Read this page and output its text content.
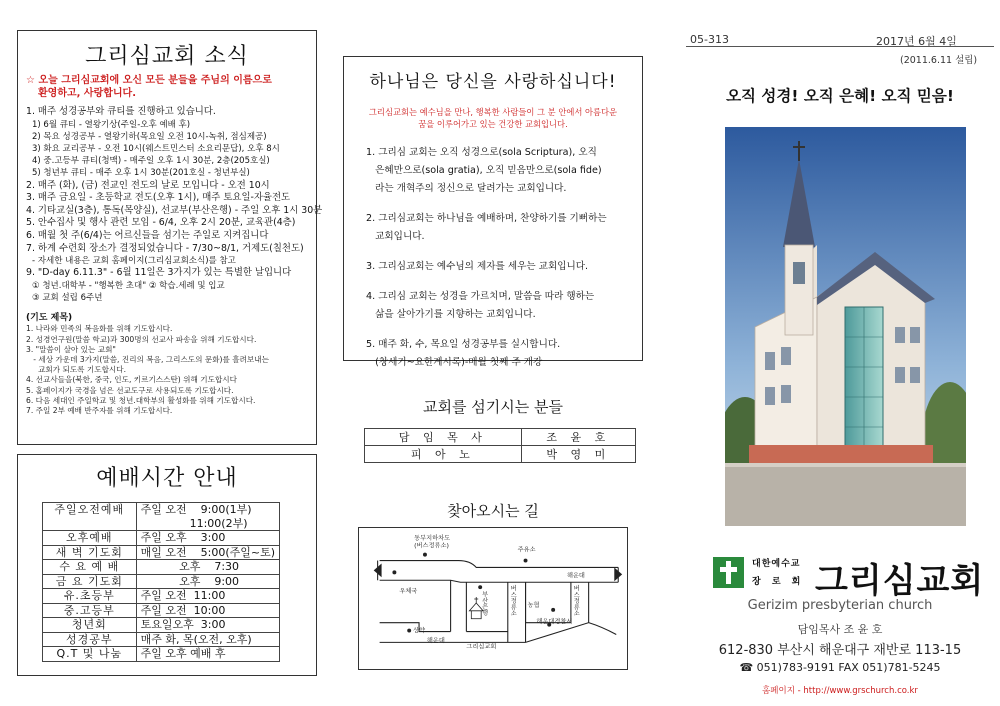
그리심교회 소식
☆ 오늘 그리심교회에 오신 모든 분들을 주님의 이름으로
환영하고, 사랑합니다.
1. 매주 성경공부와 큐티를 진행하고 있습니다.
1) 6월 큐티 - 열왕기상(주일-오후 예배 후)
2) 목요 성경공부 - 열왕기하(목요일 오전 10시-녹취, 점심제공)
3) 화요 교리공부 - 오전 10시(웨스트민스터 소요리문답), 오후 8시
4) 중.고등부 큐티(청맥) - 매주일 오후 1시 30분, 2층(205호실)
5) 청년부 큐티 - 매주 오후 1시 30분(201호실 - 청년부실)
2. 매주 (화), (금) 전교인 전도의 날로 모입니다 - 오전 10시
3. 매주 금요일 - 초등학교 전도(오후 1시), 매주 토요일-자율전도
4. 기타교실(3층), 통독(목양실), 선교부(부산은행) - 주일 오후 1시 30분
5. 안수집사 및 행사 관련 모임 - 6/4, 오후 2시 20분, 교육관(4층)
6. 매월 첫 주(6/4)는 어르신들을 섬기는 주일로 지켜집니다
7. 하계 수련회 장소가 결정되었습니다 - 7/30~8/1, 거제도(칠천도)
- 자세한 내용은 교회 홈페이지(그리심교회소식)를 참고
9. "D-day 6.11.3" - 6월 11일은 3가지가 있는 특별한 날입니다
① 청년.대학부 - "행복한 초대" ② 학습.세례 및 입교
③ 교회 설립 6주년
(기도 제목)
1. 나라와 민족의 복음화를 위해 기도합시다.
2. 성경연구원(말씀 학교)과 300명의 선교사 파송을 위해 기도합시다.
3. "말씀이 살아 있는 교회"
- 세상 가운데 3가지(말씀, 진리의 복음, 그리스도의 문화)를 흘려보내는
교회가 되도록 기도합시다.
4. 선교사들을(북한, 중국, 인도, 키르기스스탄) 위해 기도합시다
5. 홈페이지가 국경을 넘은 선교도구로 사용되도록 기도합시다.
6. 다음 세대인 주일학교 및 청년.대학부의 활성화를 위해 기도합시다.
7. 주일 2부 예배 반주자를 위해 기도합시다.
예배시간 안내
주일오전예배	주일 오전    9:00(1부)
11:00(2부)

오후예배	주일 오후    3:00

새 벽 기도회	매일 오전    5:00(주일~토)

수 요 예 배	오후    7:30

금 요 기도회	오후    9:00

유.초등부	주일 오전  11:00

중.고등부	주일 오전  10:00

청년회	토요일오후  3:00

성경공부	매주 화, 목(오전, 오후)

Q.T 및 나눔	주일 오후 예배 후
하나님은 당신을 사랑하십니다!
그리심교회는 예수님을 만나, 행복한 사람들이 그 분 안에서 아름다운
꿈을 이루어가고 있는 건강한 교회입니다.
1. 그리심 교회는 오직 성경으로(sola Scriptura), 오직
은혜만으로(sola gratia), 오직 믿음만으로(sola fide)
라는 개혁주의 정신으로 달려가는 교회입니다.
2. 그리심교회는 하나님을 예배하며, 찬양하기를 기뻐하는
교회입니다.
3. 그리심교회는 예수님의 제자를 세우는 교회입니다.
4. 그리심 교회는 성경을 가르치며, 말씀을 따라 행하는
삶을 살아가기를 지향하는 교회입니다.
5. 매주 화, 수, 목요일 성경공부를 실시합니다.
(창세기~요한계시록)-매월 첫째 주 개강
교회를 섬기시는 분들
담 임 목 사	조 윤 호
피 아 노	박 영 미
찾아오시는 길
동부지하차도
(버스정류소)
주유소
우체국
해운대
농협
그리심교회
상약
해운대
해운대경찰서
부산은행	버스정류소	버스정류소
05-313	2017년 6월 4일
(2011.6.11 설립)
오직 성경! 오직 은혜! 오직 믿음!
대한예수교
장 로 회 그리심교회
Gerizim presbyterian church
담임목사 조 윤 호
612-830 부산시 해운대구 재반로 113-15
☎ 051)783-9191 FAX 051)781-5245
홈페이지 - http://www.grschurch.co.kr
